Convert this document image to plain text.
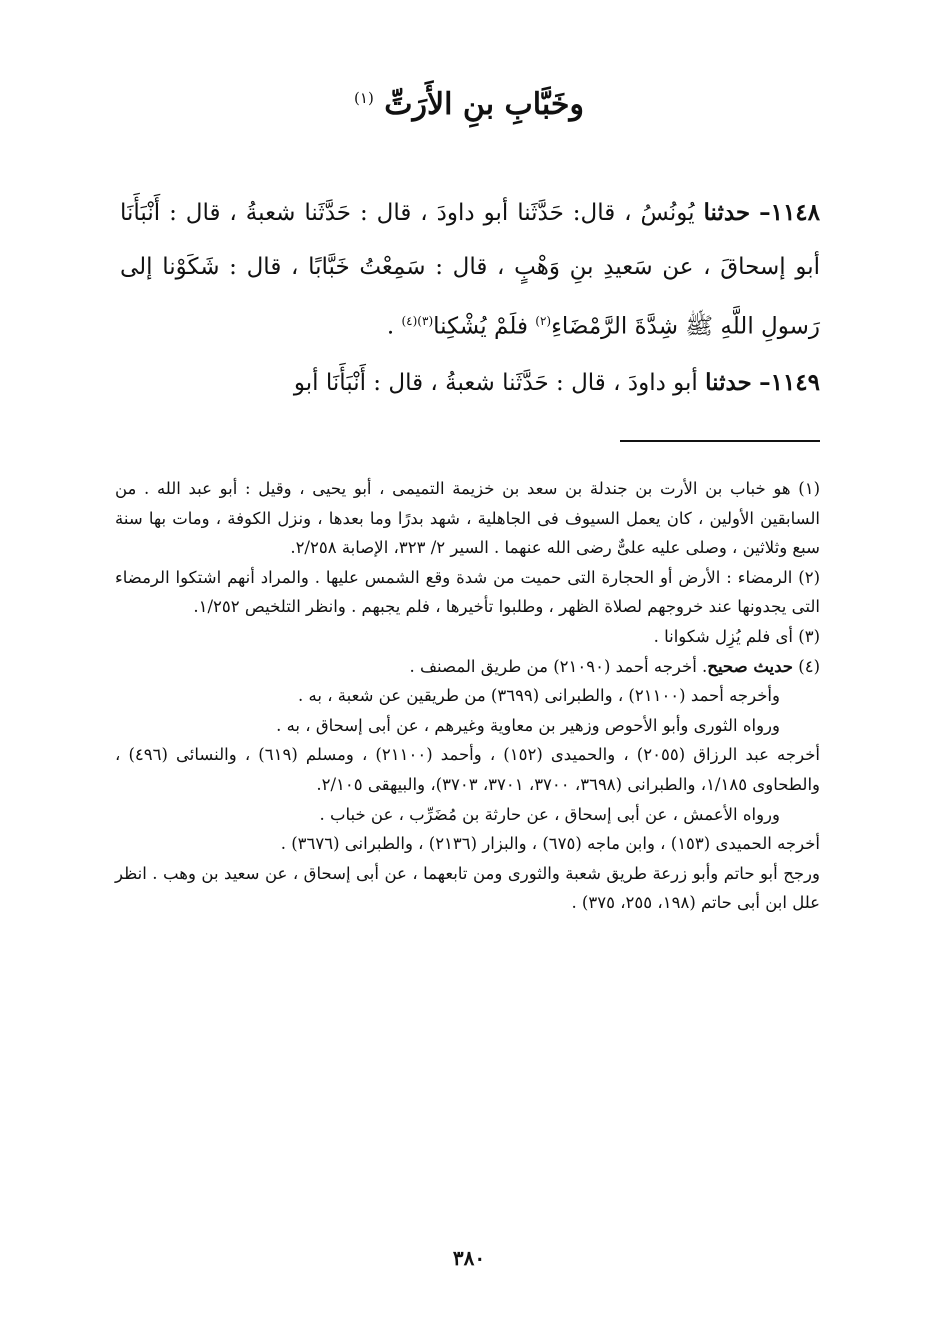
وخَبَّابِ بنِ الأَرَتِّ $^{(١)}$
١١٤٨– حدثنا يُونُسُ ، قال: حَدَّثَنا أبو داودَ ، قال : حَدَّثَنا شعبةُ ، قال : أَنْبَأَنَا أبو إسحاقَ ، عن سَعيدِ بنِ وَهْبٍ ، قال : سَمِعْتُ خَبَّابًا ، قال : شَكَوْنا إلى رَسولِ اللَّهِ ﷺ شِدَّةَ الرَّمْضَاءِ$^{(٢)}$ فلَمْ يُشْكِنا$^{(٣)(٤)}$ .
١١٤٩– حدثنا أبو داودَ ، قال : حَدَّثَنا شعبةُ ، قال : أَنْبَأَنَا أبو

(١) هو خباب بن الأرت بن جندلة بن سعد بن خزيمة التميمى ، أبو يحيى ، وقيل : أبو عبد الله . من السابقين الأولين ، كان يعمل السيوف فى الجاهلية ، شهد بدرًا وما بعدها ، ونزل الكوفة ، ومات بها سنة سبع وثلاثين ، وصلى عليه علىٌّ رضى الله عنهما . السير ٢/ ٣٢٣، الإصابة ٢/٢٥٨.

(٢) الرمضاء : الأرض أو الحجارة التى حميت من شدة وقع الشمس عليها . والمراد أنهم اشتكوا الرمضاء التى يجدونها عند خروجهم لصلاة الظهر ، وطلبوا تأخيرها ، فلم يجبهم . وانظر التلخيص ١/٢٥٢.

(٣) أى فلم يُزِل شكوانا .

(٤) حديث صحيح. أخرجه أحمد (٢١٠٩٠) من طريق المصنف .

وأخرجه أحمد (٢١١٠٠) ، والطبرانى (٣٦٩٩) من طريقين عن شعبة ، به .

ورواه الثورى وأبو الأحوص وزهير بن معاوية وغيرهم ، عن أبى إسحاق ، به .

أخرجه عبد الرزاق (٢٠٥٥) ، والحميدى (١٥٢) ، وأحمد (٢١١٠٠) ، ومسلم (٦١٩) ، والنسائى (٤٩٦) ، والطحاوى ١/١٨٥، والطبرانى (٣٦٩٨، ٣٧٠٠، ٣٧٠١، ٣٧٠٣)، والبيهقى ٢/١٠٥.

ورواه الأعمش ، عن أبى إسحاق ، عن حارثة بن مُضَرِّب ، عن خباب .

أخرجه الحميدى (١٥٣) ، وابن ماجه (٦٧٥) ، والبزار (٢١٣٦) ، والطبرانى (٣٦٧٦) .

ورجح أبو حاتم وأبو زرعة طريق شعبة والثورى ومن تابعهما ، عن أبى إسحاق ، عن سعيد بن وهب . انظر علل ابن أبى حاتم (١٩٨، ٢٥٥، ٣٧٥) .

٣٨٠
